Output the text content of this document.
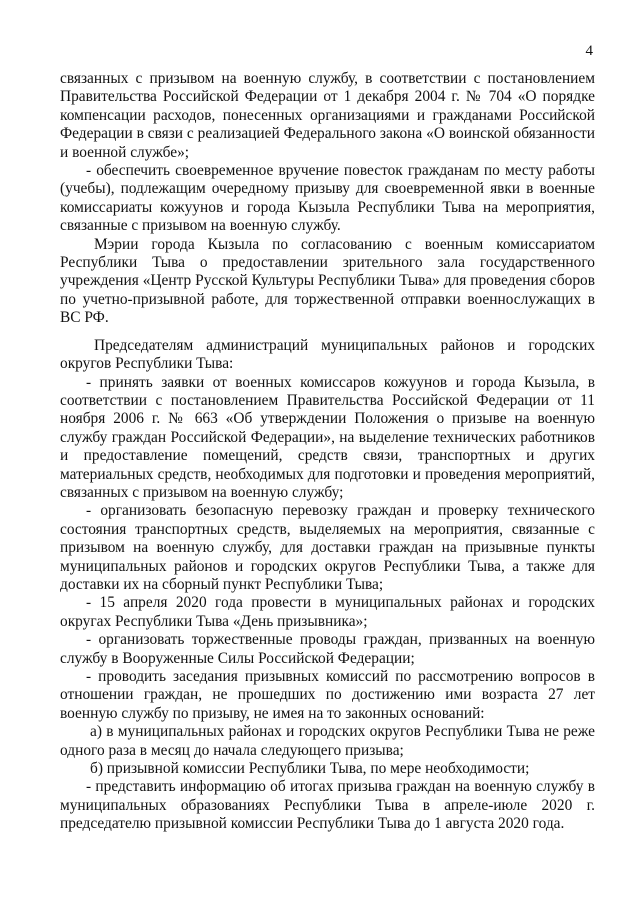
4

связанных с призывом на военную службу, в соответствии с постановлением Правительства Российской Федерации от 1 декабря 2004 г. № 704 «О порядке компенсации расходов, понесенных организациями и гражданами Российской Федерации в связи с реализацией Федерального закона «О воинской обязанности и военной службе»;

- обеспечить своевременное вручение повесток гражданам по месту работы (учебы), подлежащим очередному призыву для своевременной явки в военные комиссариаты кожуунов и города Кызыла Республики Тыва на мероприятия, связанные с призывом на военную службу.

Мэрии города Кызыла по согласованию с военным комиссариатом Республики Тыва о предоставлении зрительного зала государственного учреждения «Центр Русской Культуры Республики Тыва» для проведения сборов по учетно-призывной работе, для торжественной отправки военнослужащих в ВС РФ.

Председателям администраций муниципальных районов и городских округов Республики Тыва:

- принять заявки от военных комиссаров кожуунов и города Кызыла, в соответствии с постановлением Правительства Российской Федерации от 11 ноября 2006 г. № 663 «Об утверждении Положения о призыве на военную службу граждан Российской Федерации», на выделение технических работников и предоставление помещений, средств связи, транспортных и других материальных средств, необходимых для подготовки и проведения мероприятий, связанных с призывом на военную службу;

- организовать безопасную перевозку граждан и проверку технического состояния транспортных средств, выделяемых на мероприятия, связанные с призывом на военную службу, для доставки граждан на призывные пункты муниципальных районов и городских округов Республики Тыва, а также для доставки их на сборный пункт Республики Тыва;

- 15 апреля 2020 года провести в муниципальных районах и городских округах Республики Тыва «День призывника»;

- организовать торжественные проводы граждан, призванных на военную службу в Вооруженные Силы Российской Федерации;

- проводить заседания призывных комиссий по рассмотрению вопросов в отношении граждан, не прошедших по достижению ими возраста 27 лет военную службу по призыву, не имея на то законных оснований:

а) в муниципальных районах и городских округов Республики Тыва не реже одного раза в месяц до начала следующего призыва;

б) призывной комиссии Республики Тыва, по мере необходимости;

- представить информацию об итогах призыва граждан на военную службу в муниципальных образованиях Республики Тыва в апреле-июле 2020 г. председателю призывной комиссии Республики Тыва до 1 августа 2020 года.
